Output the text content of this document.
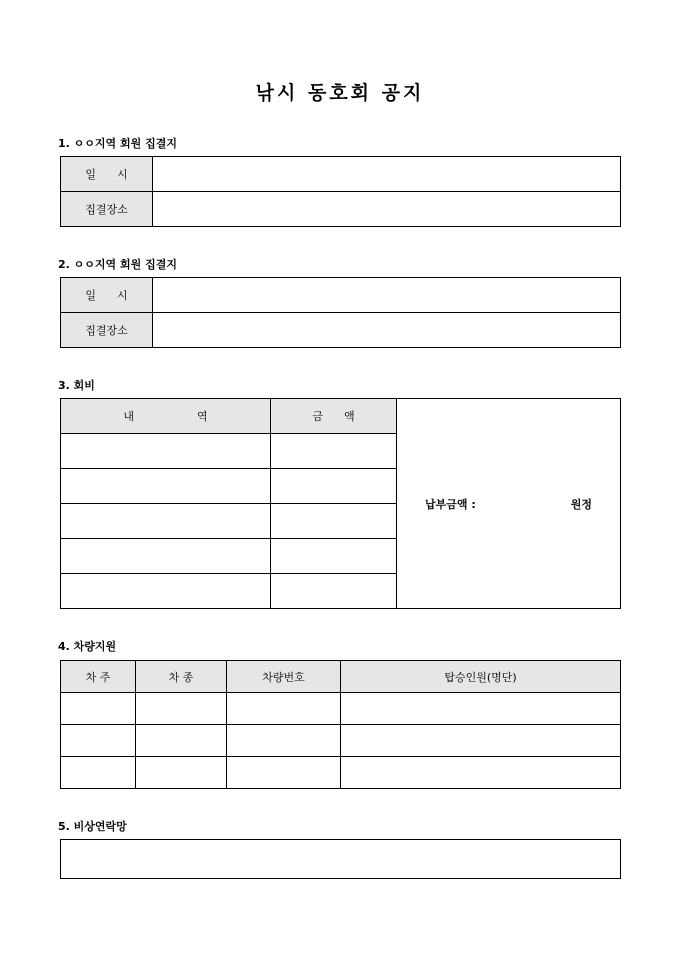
낚시 동호회 공지
1. ㅇㅇ지역 회원 집결지
일      시	
집결장소	
2. ㅇㅇ지역 회원 집결지
일      시	
집결장소	
3. 회비
내                  역	금      액	납부금액 : 원정

4. 차량지원
차 주	차 종	차량번호	탑승인원(명단)

5. 비상연락망
